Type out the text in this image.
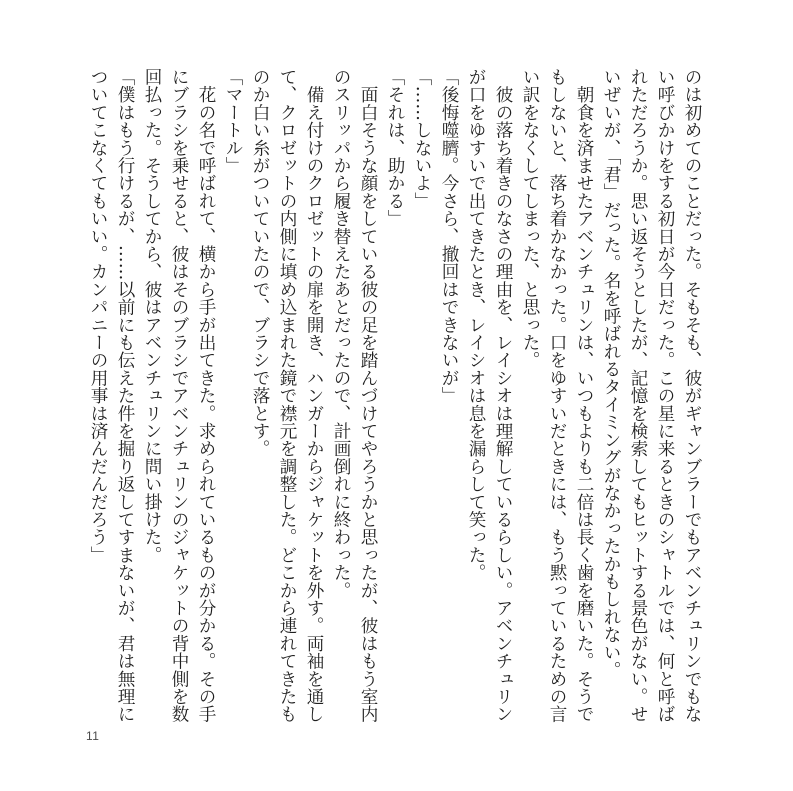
のは初めてのことだった。そもそも、彼がギャンブラーでもアベンチュリンでもな
い呼びかけをする初日が今日だった。この星に来るときのシャトルでは、何と呼ば
れただろうか。思い返そうとしたが、記憶を検索してもヒットする景色がない。せ
いぜいが、「君」だった。名を呼ばれるタイミングがなかったかもしれない。
　朝食を済ませたアベンチュリンは、いつもよりも二倍は長く歯を磨いた。そうで
もしないと、落ち着かなかった。口をゆすいだときには、もう黙っているための言
い訳をなくしてしまった、と思った。
　彼の落ち着きのなさの理由を、レイシオは理解しているらしい。アベンチュリン
が口をゆすいで出てきたとき、レイシオは息を漏らして笑った。
「後悔噬臍。今さら、撤回はできないが」
「……しないよ」
「それは、助かる」
　面白そうな顔をしている彼の足を踏んづけてやろうかと思ったが、彼はもう室内
のスリッパから履き替えたあとだったので、計画倒れに終わった。
　備え付けのクロゼットの扉を開き、ハンガーからジャケットを外す。両袖を通し
て、クロゼットの内側に填め込まれた鏡で襟元を調整した。どこから連れてきたも
のか白い糸がついていたので、ブラシで落とす。
「マートル」
　花の名で呼ばれて、横から手が出てきた。求められているものが分かる。その手
にブラシを乗せると、彼はそのブラシでアベンチュリンのジャケットの背中側を数
回払った。そうしてから、彼はアベンチュリンに問い掛けた。
「僕はもう行けるが、……以前にも伝えた件を掘り返してすまないが、君は無理に
ついてこなくてもいい。カンパニーの用事は済んだんだろう」
11
